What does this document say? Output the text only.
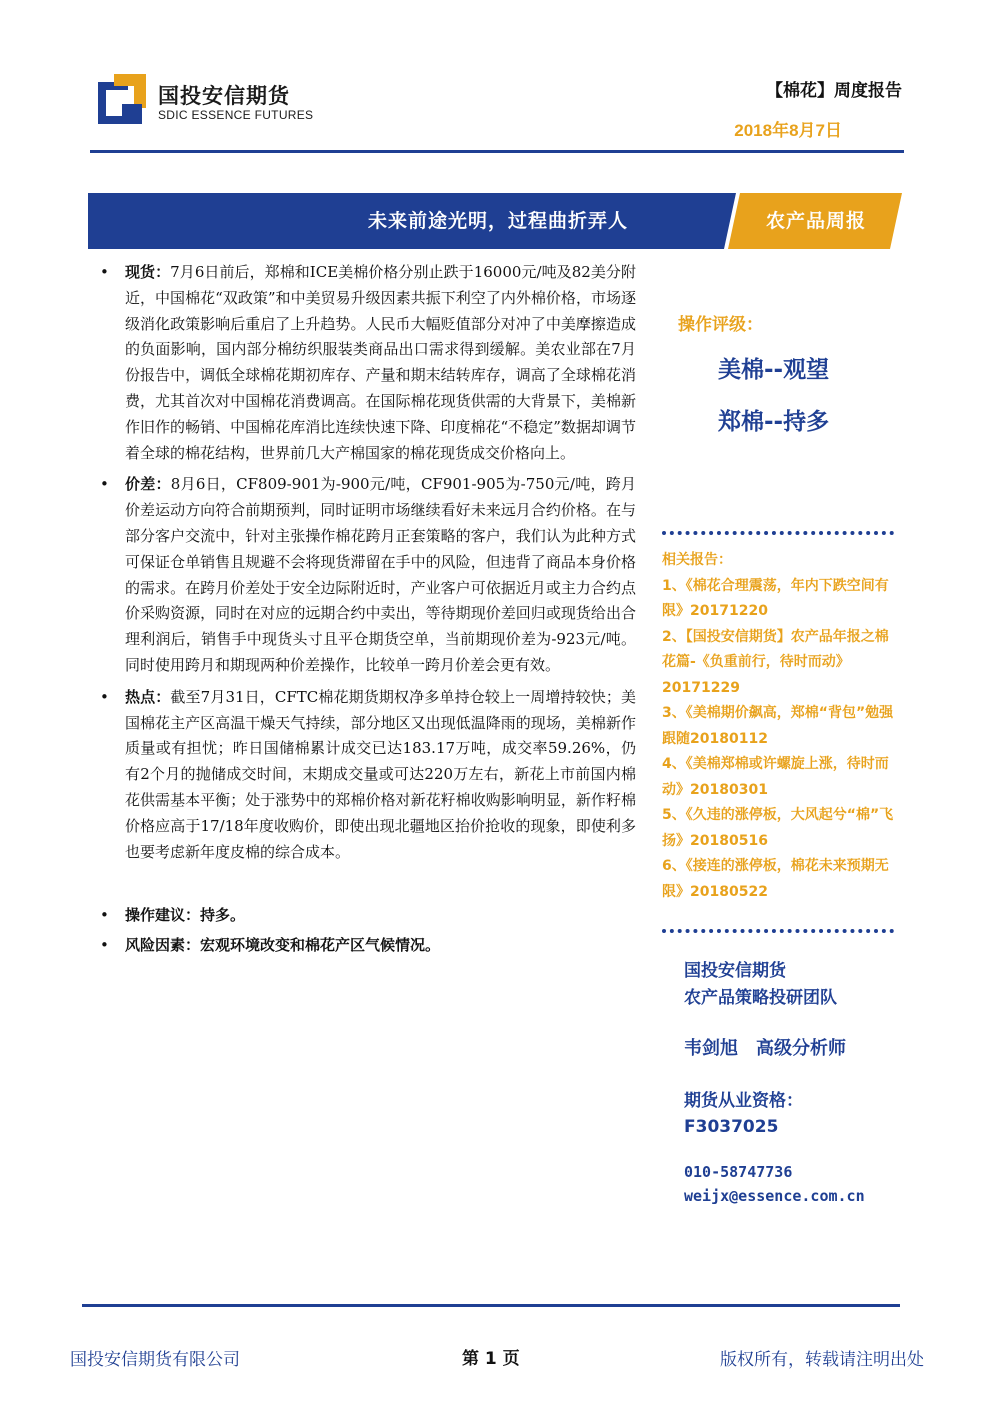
国投安信期货
SDIC ESSENCE FUTURES
【棉花】周度报告
2018年8月7日
未来前途光明，过程曲折弄人	农产品周报
• 现货：7月6日前后，郑棉和ICE美棉价格分别止跌于16000元/吨及82美分附近，中国棉花“双政策”和中美贸易升级因素共振下利空了内外棉价格，市场逐级消化政策影响后重启了上升趋势。人民币大幅贬值部分对冲了中美摩擦造成的负面影响，国内部分棉纺织服装类商品出口需求得到缓解。美农业部在7月份报告中，调低全球棉花期初库存、产量和期末结转库存，调高了全球棉花消费，尤其首次对中国棉花消费调高。在国际棉花现货供需的大背景下，美棉新作旧作的畅销、中国棉花库消比连续快速下降、印度棉花“不稳定”数据却调节着全球的棉花结构，世界前几大产棉国家的棉花现货成交价格向上。
• 价差：8月6日，CF809-901为-900元/吨，CF901-905为-750元/吨，跨月价差运动方向符合前期预判，同时证明市场继续看好未来远月合约价格。在与部分客户交流中，针对主张操作棉花跨月正套策略的客户，我们认为此种方式可保证仓单销售且规避不会将现货滞留在手中的风险，但违背了商品本身价格的需求。在跨月价差处于安全边际附近时，产业客户可依据近月或主力合约点价采购资源，同时在对应的远期合约中卖出，等待期现价差回归或现货给出合理利润后，销售手中现货头寸且平仓期货空单，当前期现价差为-923元/吨。同时使用跨月和期现两种价差操作，比较单一跨月价差会更有效。
• 热点：截至7月31日，CFTC棉花期货期权净多单持仓较上一周增持较快；美国棉花主产区高温干燥天气持续，部分地区又出现低温降雨的现场，美棉新作质量或有担忧；昨日国储棉累计成交已达183.17万吨，成交率59.26%，仍有2个月的抛储成交时间，末期成交量或可达220万左右，新花上市前国内棉花供需基本平衡；处于涨势中的郑棉价格对新花籽棉收购影响明显，新作籽棉价格应高于17/18年度收购价，即使出现北疆地区抬价抢收的现象，即使利多也要考虑新年度皮棉的综合成本。
• 操作建议：持多。
• 风险因素：宏观环境改变和棉花产区气候情况。
操作评级：
美棉--观望
郑棉--持多
相关报告：
1、《棉花合理震荡，年内下跌空间有限》20171220
2、【国投安信期货】农产品年报之棉花篇-《负重前行，待时而动》20171229
3、《美棉期价飙高，郑棉“背包”勉强跟随20180112
4、《美棉郑棉或许螺旋上涨，待时而动》20180301
5、《久违的涨停板，大风起兮“棉”飞扬》20180516
6、《接连的涨停板，棉花未来预期无限》20180522
国投安信期货
农产品策略投研团队
韦剑旭 高级分析师
期货从业资格：
F3037025
010-58747736
weijx@essence.com.cn
国投安信期货有限公司	第 1 页	版权所有，转载请注明出处
